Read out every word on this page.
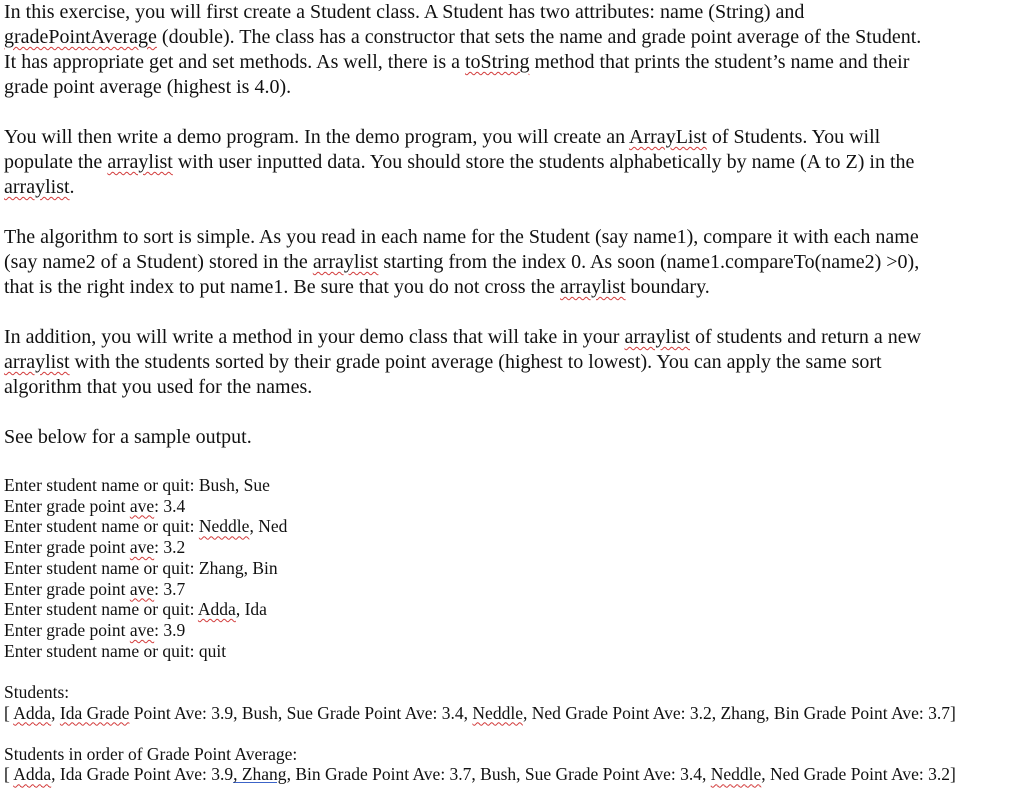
In this exercise, you will first create a Student class. A Student has two attributes: name (String) and
gradePointAverage (double). The class has a constructor that sets the name and grade point average of the Student.
It has appropriate get and set methods. As well, there is a toString method that prints the student’s name and their
grade point average (highest is 4.0).
You will then write a demo program. In the demo program, you will create an ArrayList of Students. You will
populate the arraylist with user inputted data. You should store the students alphabetically by name (A to Z) in the
arraylist.
The algorithm to sort is simple. As you read in each name for the Student (say name1), compare it with each name
(say name2 of a Student) stored in the arraylist starting from the index 0. As soon (name1.compareTo(name2) >0),
that is the right index to put name1. Be sure that you do not cross the arraylist boundary.
In addition, you will write a method in your demo class that will take in your arraylist of students and return a new
arraylist with the students sorted by their grade point average (highest to lowest). You can apply the same sort
algorithm that you used for the names.
See below for a sample output.
Enter student name or quit: Bush, Sue
Enter grade point ave: 3.4
Enter student name or quit: Neddle, Ned
Enter grade point ave: 3.2
Enter student name or quit: Zhang, Bin
Enter grade point ave: 3.7
Enter student name or quit: Adda, Ida
Enter grade point ave: 3.9
Enter student name or quit: quit
Students:
[ Adda, Ida Grade Point Ave: 3.9, Bush, Sue Grade Point Ave: 3.4, Neddle, Ned Grade Point Ave: 3.2, Zhang, Bin Grade Point Ave: 3.7]
Students in order of Grade Point Average:
[ Adda, Ida Grade Point Ave: 3.9, Zhang, Bin Grade Point Ave: 3.7, Bush, Sue Grade Point Ave: 3.4, Neddle, Ned Grade Point Ave: 3.2]
